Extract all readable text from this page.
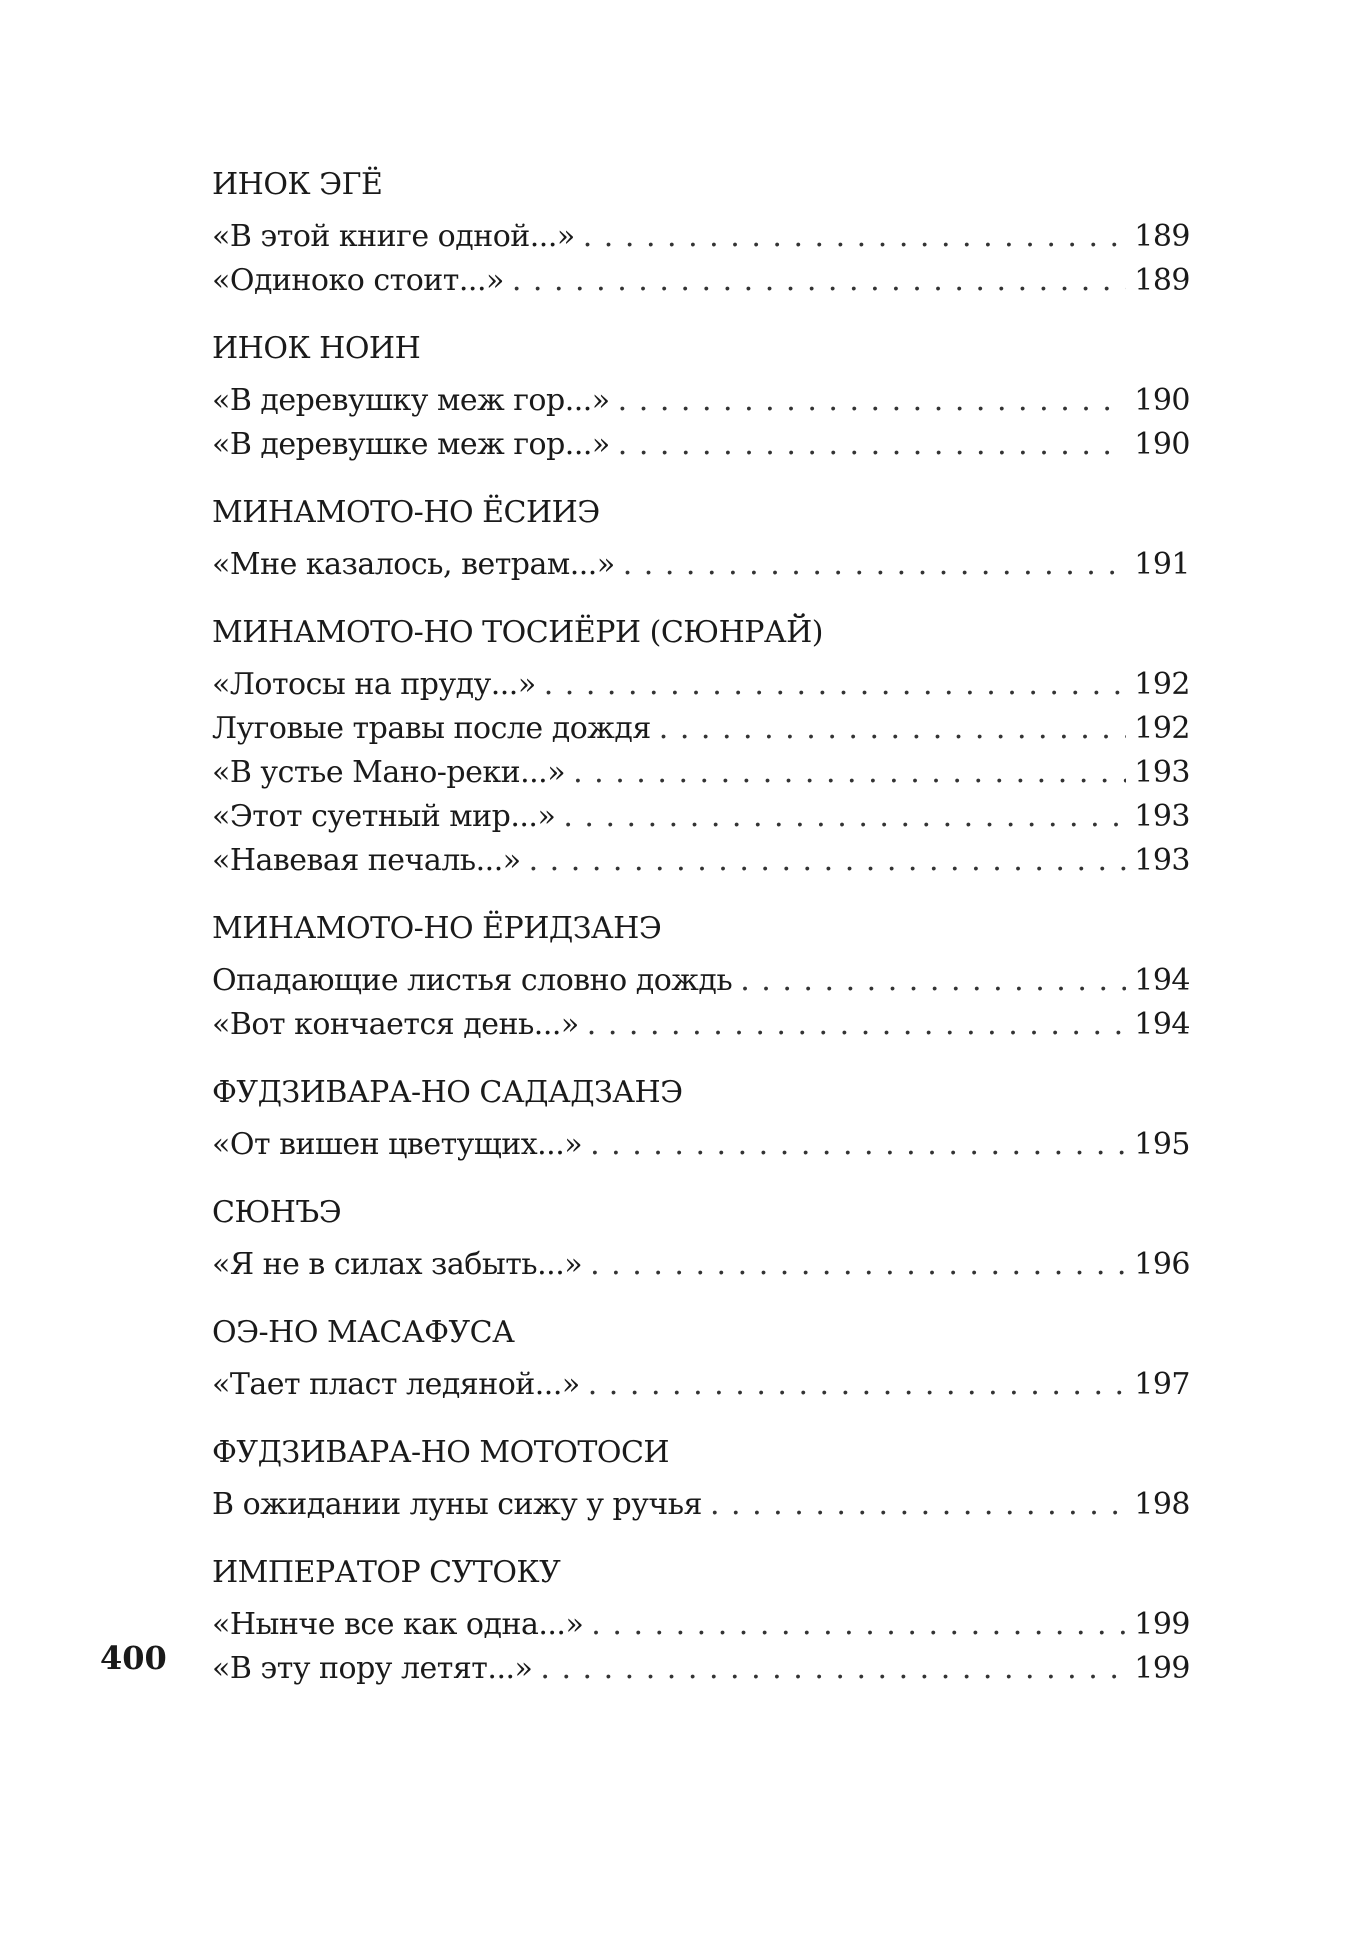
ИНОК ЭГЁ
«В этой книге одной...» . . .	189
«Одиноко стоит...» . . .	189
ИНОК НОИН
«В деревушку меж гор...» . . .	190
«В деревушке меж гор...» . . .	190
МИНАМОТО-НО ЁСИИЭ
«Мне казалось, ветрам...» . . .	191
МИНАМОТО-НО ТОСИЁРИ (СЮНРАЙ)
«Лотосы на пруду...» . . .	192
Луговые травы после дождя . . .	192
«В устье Мано-реки...» . . .	193
«Этот суетный мир...» . . .	193
«Навевая печаль...» . . .	193
МИНАМОТО-НО ЁРИДЗАНЭ
Опадающие листья словно дождь . . .	194
«Вот кончается день...» . . .	194
ФУДЗИВАРА-НО САДАДЗАНЭ
«От вишен цветущих...» . . .	195
СЮНЪЭ
«Я не в силах забыть...» . . .	196
ОЭ-НО МАСАФУСА
«Тает пласт ледяной...» . . .	197
ФУДЗИВАРА-НО МОТОТОСИ
В ожидании луны сижу у ручья . . .	198
ИМПЕРАТОР СУТОКУ
«Нынче все как одна...» . . .	199
«В эту пору летят...» . . .	199
400
